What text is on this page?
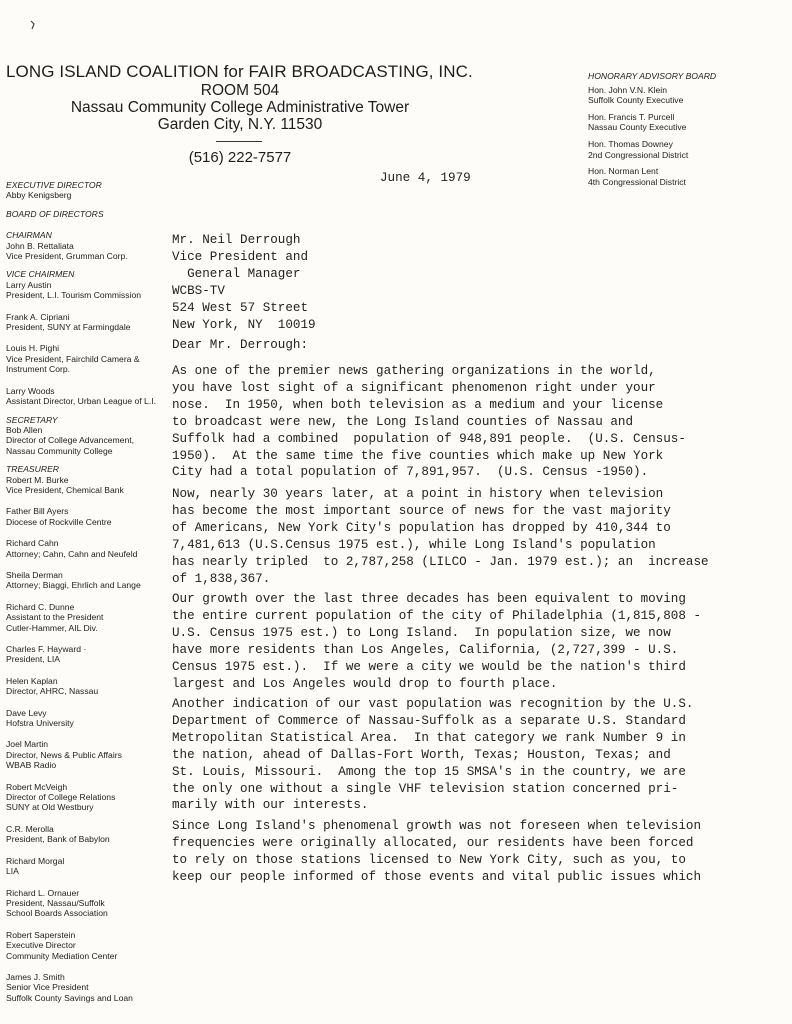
LONG ISLAND COALITION for FAIR BROADCASTING, INC.
ROOM 504
Nassau Community College Administrative Tower
Garden City, N.Y. 11530
(516) 222-7577
HONORARY ADVISORY BOARD
Hon. John V.N. Klein
Suffolk County Executive
Hon. Francis T. Purcell
Nassau County Executive
Hon. Thomas Downey
2nd Congressional District
Hon. Norman Lent
4th Congressional District
EXECUTIVE DIRECTOR
Abby Kenigsberg
BOARD OF DIRECTORS
CHAIRMAN
John B. Rettaliata
Vice President, Grumman Corp.
VICE CHAIRMEN
Larry Austin
President, L.I. Tourism Commission
Frank A. Cipriani
President, SUNY at Farmingdale
Louis H. Pighi
Vice President, Fairchild Camera &
Instrument Corp.
Larry Woods
Assistant Director, Urban League of L.I.
SECRETARY
Bob Allen
Director of College Advancement,
Nassau Community College
TREASURER
Robert M. Burke
Vice President, Chemical Bank
Father Bill Ayers
Diocese of Rockville Centre
Richard Cahn
Attorney; Cahn, Cahn and Neufeld
Sheila Derman
Attorney; Biaggi, Ehrlich and Lange
Richard C. Dunne
Assistant to the President
Cutler-Hammer, AIL Div.
Charles F. Hayward ·
President, LIA
Helen Kaplan
Director, AHRC, Nassau
Dave Levy
Hofstra University
Joel Martin
Director, News & Public Affairs
WBAB Radio
Robert McVeigh
Director of College Relations
SUNY at Old Westbury
C.R. Merolla
President, Bank of Babylon
Richard Morgal
LIA
Richard L. Ornauer
President, Nassau/Suffolk
School Boards Association
Robert Saperstein
Executive Director
Community Mediation Center
James J. Smith
Senior Vice President
Suffolk County Savings and Loan
June 4, 1979
Mr. Neil Derrough
Vice President and
General Manager
WCBS-TV
524 West 57 Street
New York, NY  10019
Dear Mr. Derrough:
As one of the premier news gathering organizations in the world,
you have lost sight of a significant phenomenon right under your
nose.  In 1950, when both television as a medium and your license
to broadcast were new, the Long Island counties of Nassau and
Suffolk had a combined  population of 948,891 people.  (U.S. Census-
1950).  At the same time the five counties which make up New York
City had a total population of 7,891,957.  (U.S. Census -1950).
Now, nearly 30 years later, at a point in history when television
has become the most important source of news for the vast majority
of Americans, New York City's population has dropped by 410,344 to
7,481,613 (U.S.Census 1975 est.), while Long Island's population
has nearly tripled  to 2,787,258 (LILCO - Jan. 1979 est.); an  increase
of 1,838,367.
Our growth over the last three decades has been equivalent to moving
the entire current population of the city of Philadelphia (1,815,808 -
U.S. Census 1975 est.) to Long Island.  In population size, we now
have more residents than Los Angeles, California, (2,727,399 - U.S.
Census 1975 est.).  If we were a city we would be the nation's third
largest and Los Angeles would drop to fourth place.
Another indication of our vast population was recognition by the U.S.
Department of Commerce of Nassau-Suffolk as a separate U.S. Standard
Metropolitan Statistical Area.  In that category we rank Number 9 in
the nation, ahead of Dallas-Fort Worth, Texas; Houston, Texas; and
St. Louis, Missouri.  Among the top 15 SMSA's in the country, we are
the only one without a single VHF television station concerned pri-
marily with our interests.
Since Long Island's phenomenal growth was not foreseen when television
frequencies were originally allocated, our residents have been forced
to rely on those stations licensed to New York City, such as you, to
keep our people informed of those events and vital public issues which
